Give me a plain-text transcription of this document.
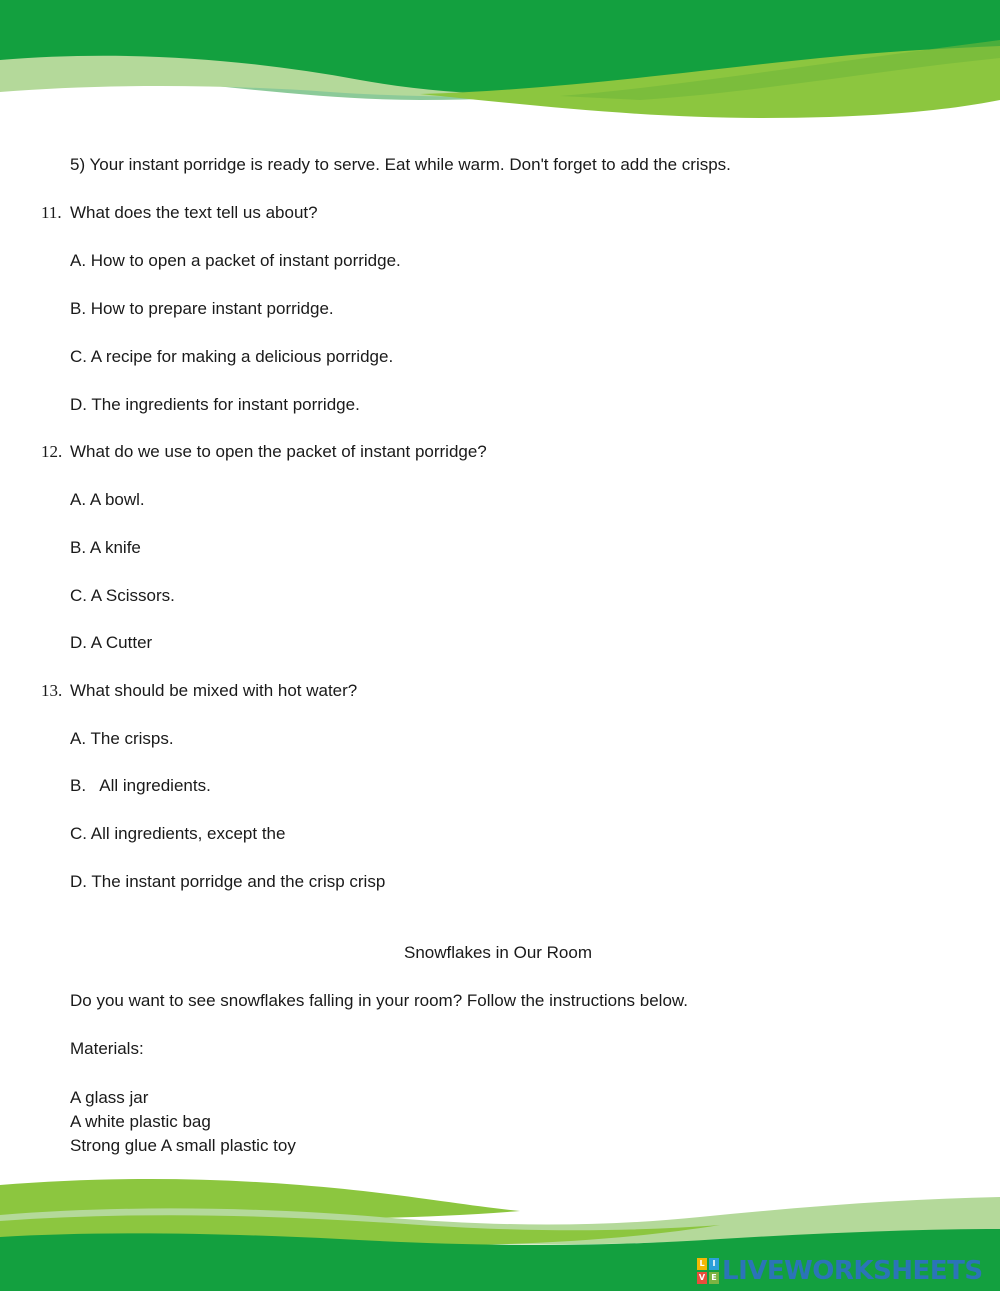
5) Your instant porridge is ready to serve. Eat while warm. Don't forget to add the crisps.
11. What does the text tell us about?
A. How to open a packet of instant porridge.
B. How to prepare instant porridge.
C. A recipe for making a delicious porridge.
D. The ingredients for instant porridge.
12. What do we use to open the packet of instant porridge?
A. A bowl.
B. A knife
C. A Scissors.
D. A Cutter
13. What should be mixed with hot water?
A. The crisps.
B.   All ingredients.
C. All ingredients, except the
D. The instant porridge and the crisp crisp
Snowflakes in Our Room
Do you want to see snowflakes falling in your room? Follow the instructions below.
Materials:
A glass jar
A white plastic bag
Strong glue A small plastic toy
L I
V E LIVEWORKSHEETS
